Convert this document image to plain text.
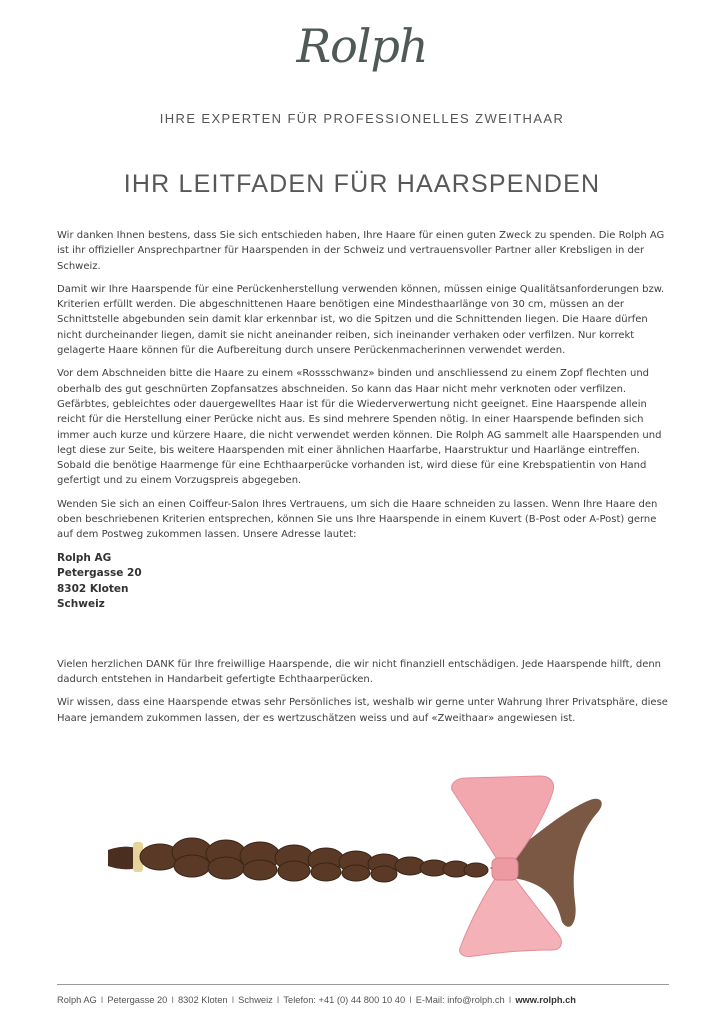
Rolph
IHRE EXPERTEN FÜR PROFESSIONELLES ZWEITHAAR
IHR LEITFADEN FÜR HAARSPENDEN

Wir danken Ihnen bestens, dass Sie sich entschieden haben, Ihre Haare für einen guten Zweck zu spenden. Die Rolph AG ist ihr offizieller Ansprechpartner für Haarspenden in der Schweiz und vertrauensvoller Partner aller Krebsligen in der Schweiz.

Damit wir Ihre Haarspende für eine Perückenherstellung verwenden können, müssen einige Qualitätsanforderungen bzw. Kriterien erfüllt werden. Die abgeschnittenen Haare benötigen eine Mindesthaarlänge von 30 cm, müssen an der Schnittstelle abgebunden sein damit klar erkennbar ist, wo die Spitzen und die Schnittenden liegen. Die Haare dürfen nicht durcheinander liegen, damit sie nicht aneinander reiben, sich ineinander verhaken oder verfilzen. Nur korrekt gelagerte Haare können für die Aufbereitung durch unsere Perückenmacherinnen verwendet werden.

Vor dem Abschneiden bitte die Haare zu einem «Rossschwanz» binden und anschliessend zu einem Zopf flechten und oberhalb des gut geschnürten Zopfansatzes abschneiden. So kann das Haar nicht mehr verknoten oder verfilzen. Gefärbtes, gebleichtes oder dauergewelltes Haar ist für die Wiederverwertung nicht geeignet. Eine Haarspende allein reicht für die Herstellung einer Perücke nicht aus. Es sind mehrere Spenden nötig. In einer Haarspende befinden sich immer auch kurze und kürzere Haare, die nicht verwendet werden können. Die Rolph AG sammelt alle Haarspenden und legt diese zur Seite, bis weitere Haarspenden mit einer ähnlichen Haarfarbe, Haarstruktur und Haarlänge eintreffen. Sobald die benötige Haarmenge für eine Echthaarperücke vorhanden ist, wird diese für eine Krebspatientin von Hand gefertigt und zu einem Vorzugspreis abgegeben.

Wenden Sie sich an einen Coiffeur-Salon Ihres Vertrauens, um sich die Haare schneiden zu lassen. Wenn Ihre Haare den oben beschriebenen Kriterien entsprechen, können Sie uns Ihre Haarspende in einem Kuvert (B-Post oder A-Post) gerne auf dem Postweg zukommen lassen. Unsere Adresse lautet:

Rolph AG
Petergasse 20
8302 Kloten
Schweiz

Vielen herzlichen DANK für Ihre freiwillige Haarspende, die wir nicht finanziell entschädigen. Jede Haarspende hilft, denn dadurch entstehen in Handarbeit gefertigte Echthaarperücken.

Wir wissen, dass eine Haarspende etwas sehr Persönliches ist, weshalb wir gerne unter Wahrung Ihrer Privatsphäre, diese Haare jemandem zukommen lassen, der es wertzuschätzen weiss und auf «Zweithaar» angewiesen ist.

Rolph AG I Petergasse 20 I 8302 Kloten I Schweiz I Telefon: +41 (0) 44 800 10 40 I E-Mail: info@rolph.ch I www.rolph.ch
